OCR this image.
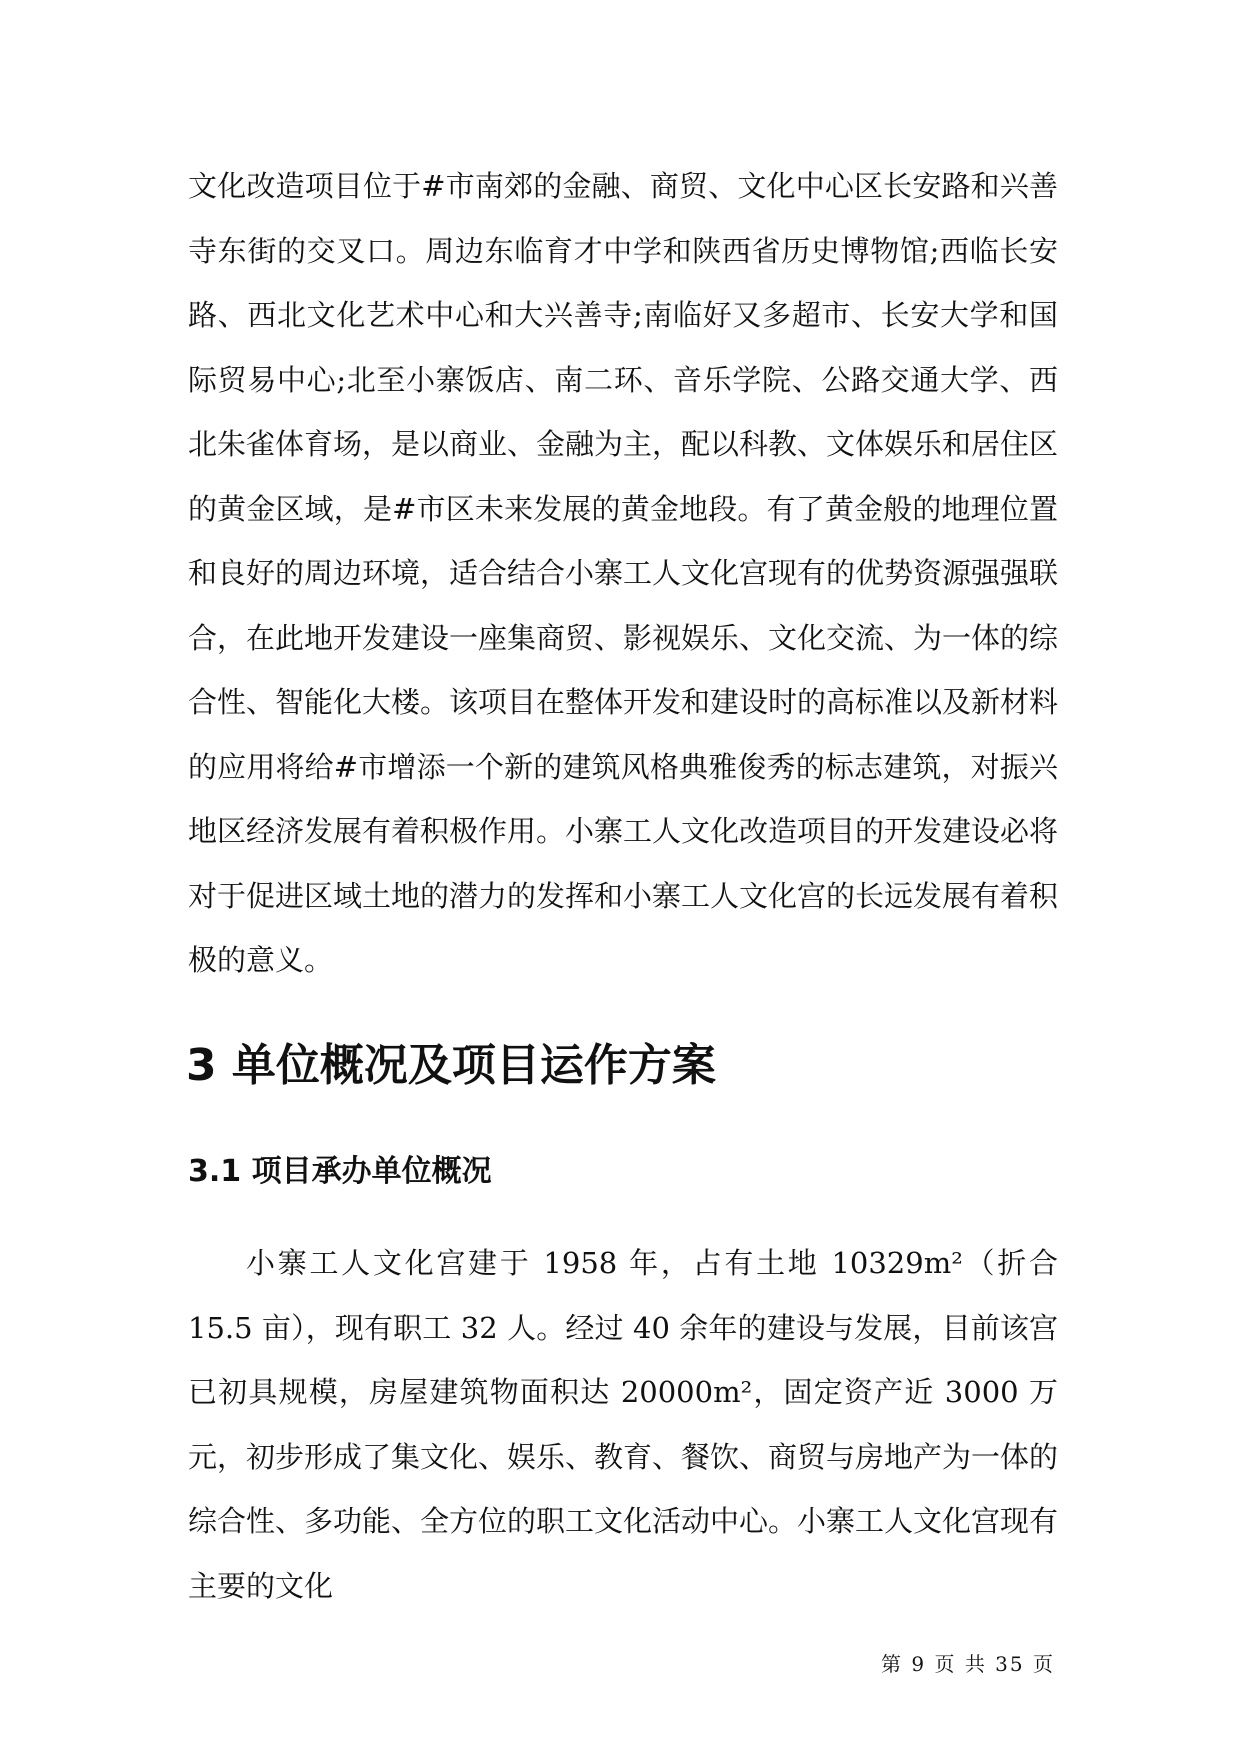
文化改造项目位于#市南郊的金融、商贸、文化中心区长安路和兴善寺东街的交叉口。周边东临育才中学和陕西省历史博物馆;西临长安路、西北文化艺术中心和大兴善寺;南临好又多超市、长安大学和国际贸易中心;北至小寨饭店、南二环、音乐学院、公路交通大学、西北朱雀体育场，是以商业、金融为主，配以科教、文体娱乐和居住区的黄金区域，是#市区未来发展的黄金地段。有了黄金般的地理位置和良好的周边环境，适合结合小寨工人文化宫现有的优势资源强强联合，在此地开发建设一座集商贸、影视娱乐、文化交流、为一体的综合性、智能化大楼。该项目在整体开发和建设时的高标准以及新材料的应用将给#市增添一个新的建筑风格典雅俊秀的标志建筑，对振兴地区经济发展有着积极作用。小寨工人文化改造项目的开发建设必将对于促进区域土地的潜力的发挥和小寨工人文化宫的长远发展有着积极的意义。

3 单位概况及项目运作方案
3.1 项目承办单位概况

小寨工人文化宫建于 1958 年，占有土地 10329m²（折合 15.5 亩），现有职工 32 人。经过 40 余年的建设与发展，目前该宫已初具规模，房屋建筑物面积达 20000m²，固定资产近 3000 万元，初步形成了集文化、娱乐、教育、餐饮、商贸与房地产为一体的综合性、多功能、全方位的职工文化活动中心。小寨工人文化宫现有主要的文化

第 9 页 共 35 页
